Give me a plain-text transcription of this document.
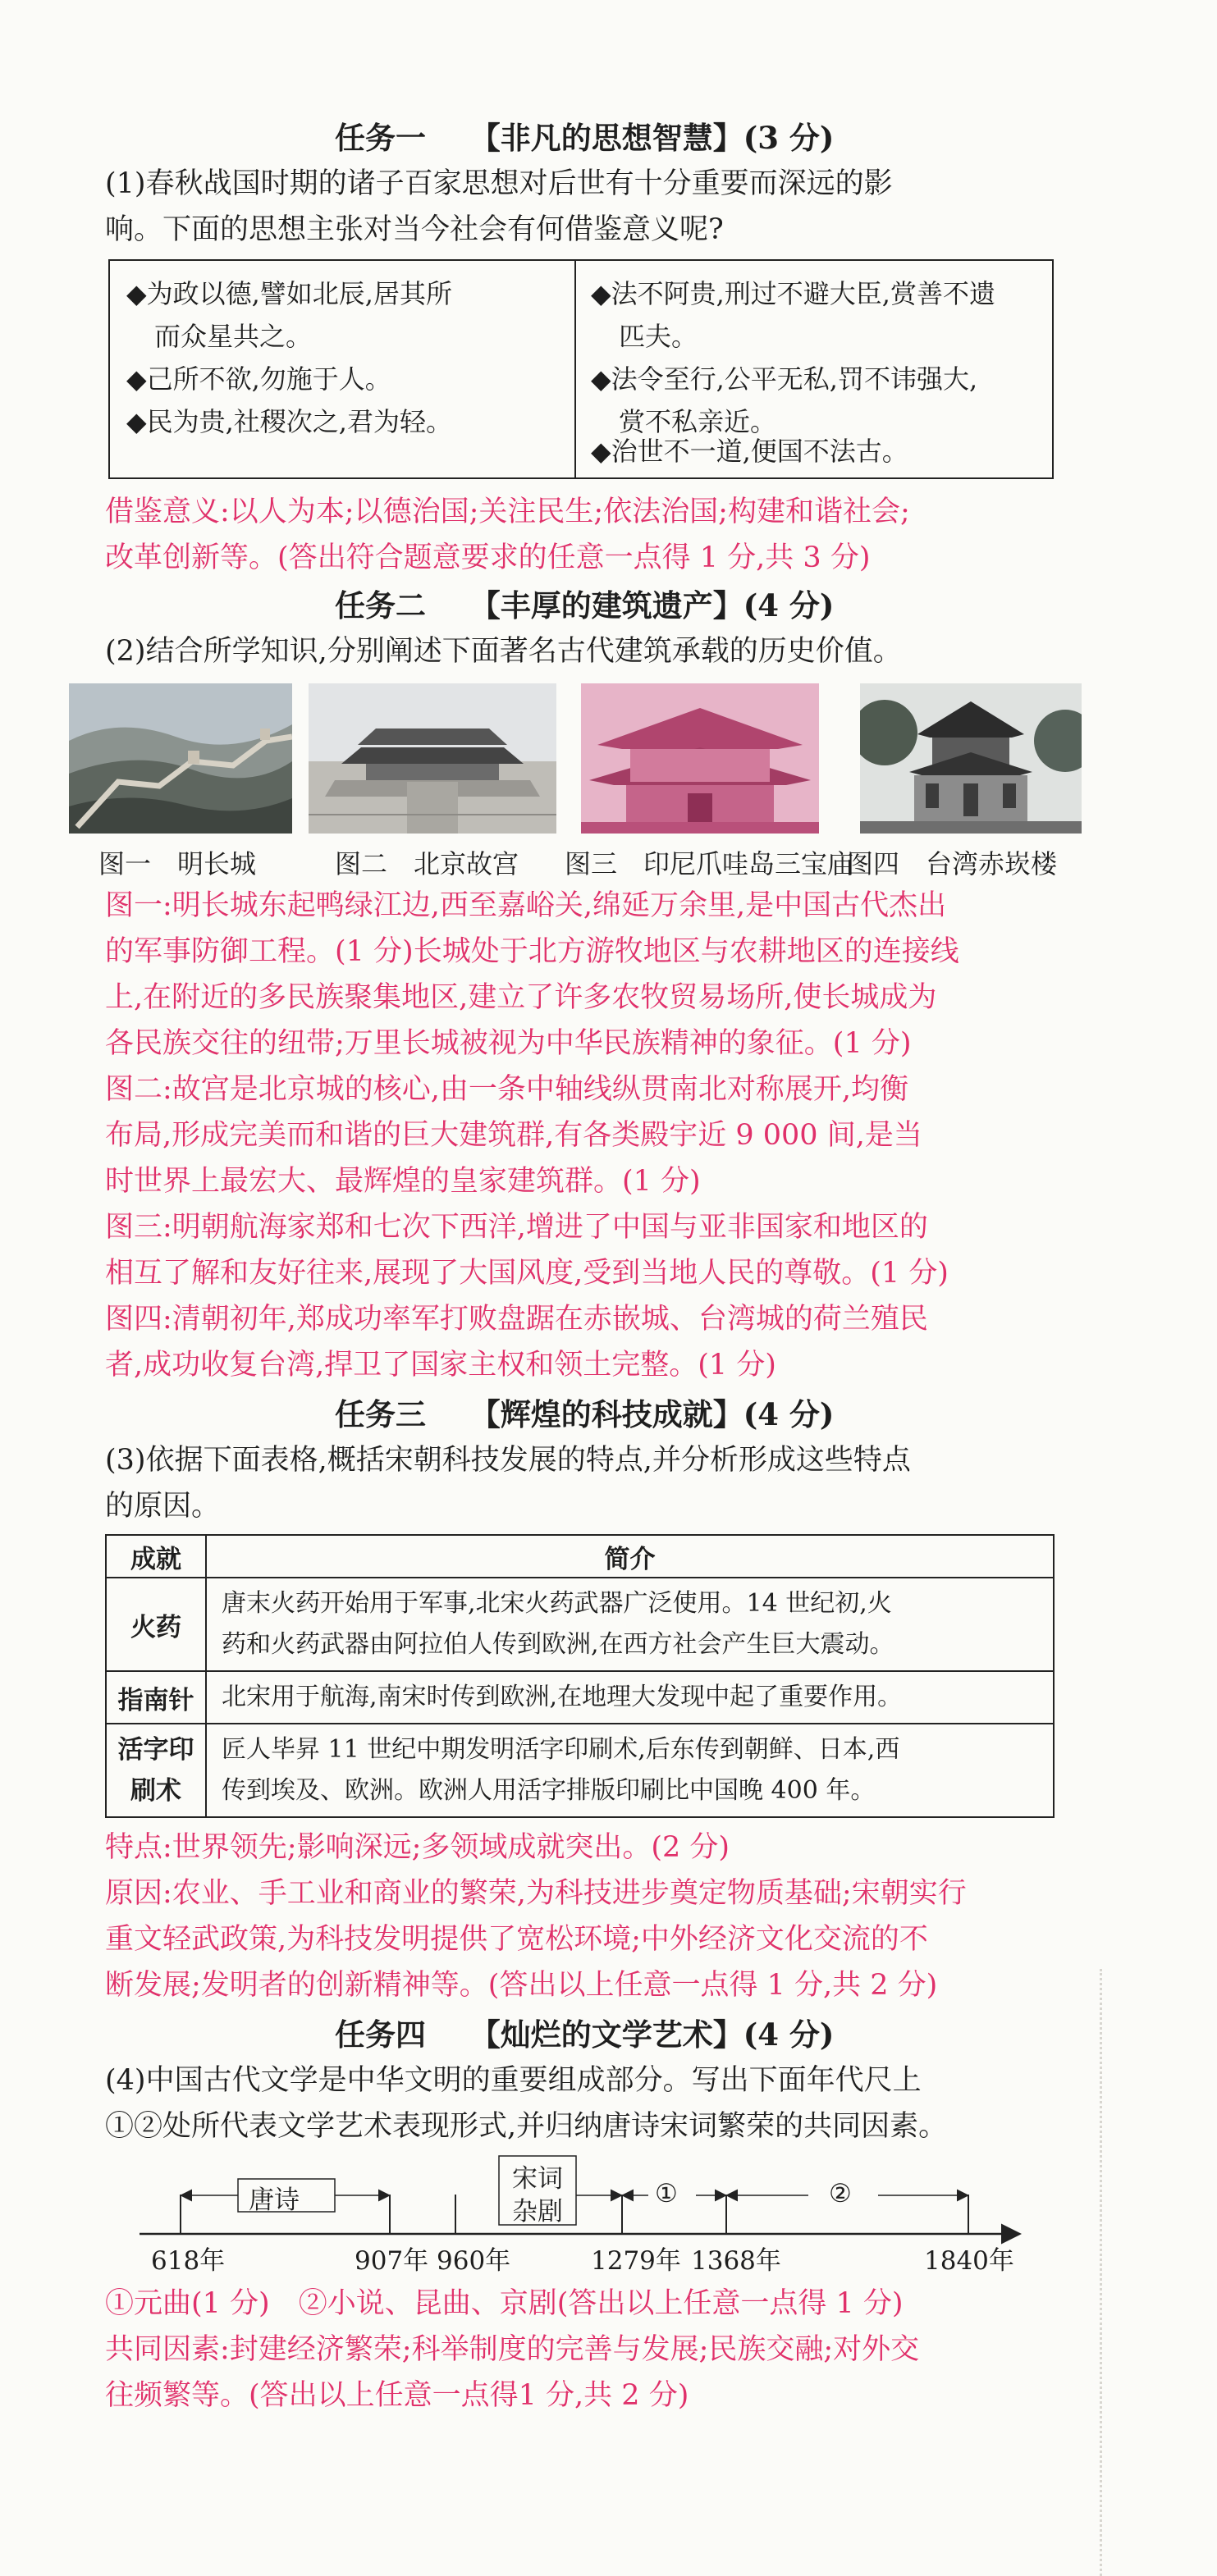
任务一 【非凡的思想智慧】(3 分)
(1)春秋战国时期的诸子百家思想对后世有十分重要而深远的影
响。下面的思想主张对当今社会有何借鉴意义呢?
◆为政以德,譬如北辰,居其所
而众星共之。
◆己所不欲,勿施于人。
◆民为贵,社稷次之,君为轻。
◆法不阿贵,刑过不避大臣,赏善不遗
匹夫。
◆法令至行,公平无私,罚不讳强大,
赏不私亲近。
◆治世不一道,便国不法古。
借鉴意义:以人为本;以德治国;关注民生;依法治国;构建和谐社会;
改革创新等。(答出符合题意要求的任意一点得 1 分,共 3 分)
任务二 【丰厚的建筑遗产】(4 分)
(2)结合所学知识,分别阐述下面著名古代建筑承载的历史价值。
图一　明长城	图二　北京故宫 图三　印尼爪哇岛三宝庙
图四　台湾赤崁楼
图一:明长城东起鸭绿江边,西至嘉峪关,绵延万余里,是中国古代杰出
的军事防御工程。(1 分)长城处于北方游牧地区与农耕地区的连接线
上,在附近的多民族聚集地区,建立了许多农牧贸易场所,使长城成为
各民族交往的纽带;万里长城被视为中华民族精神的象征。(1 分)
图二:故宫是北京城的核心,由一条中轴线纵贯南北对称展开,均衡
布局,形成完美而和谐的巨大建筑群,有各类殿宇近 9 000 间,是当
时世界上最宏大、最辉煌的皇家建筑群。(1 分)
图三:明朝航海家郑和七次下西洋,增进了中国与亚非国家和地区的
相互了解和友好往来,展现了大国风度,受到当地人民的尊敬。(1 分)
图四:清朝初年,郑成功率军打败盘踞在赤嵌城、台湾城的荷兰殖民
者,成功收复台湾,捍卫了国家主权和领土完整。(1 分)
任务三 【辉煌的科技成就】(4 分)
(3)依据下面表格,概括宋朝科技发展的特点,并分析形成这些特点
的原因。
成就	简介
火药	唐末火药开始用于军事,北宋火药武器广泛使用。14 世纪初,火
药和火药武器由阿拉伯人传到欧洲,在西方社会产生巨大震动。
指南针	北宋用于航海,南宋时传到欧洲,在地理大发现中起了重要作用。
活字印刷术	匠人毕昇 11 世纪中期发明活字印刷术,后东传到朝鲜、日本,西
传到埃及、欧洲。欧洲人用活字排版印刷比中国晚 400 年。
特点:世界领先;影响深远;多领域成就突出。(2 分)
原因:农业、手工业和商业的繁荣,为科技进步奠定物质基础;宋朝实行
重文轻武政策,为科技发明提供了宽松环境;中外经济文化交流的不
断发展;发明者的创新精神等。(答出以上任意一点得 1 分,共 2 分)
任务四 【灿烂的文学艺术】(4 分)
(4)中国古代文学是中华文明的重要组成部分。写出下面年代尺上
①②处所代表文学艺术表现形式,并归纳唐诗宋词繁荣的共同因素。
唐诗
宋词
杂剧
①	②
618年	907年 960年	1279年 1368年	1840年
①元曲(1 分)　②小说、昆曲、京剧(答出以上任意一点得 1 分)
共同因素:封建经济繁荣;科举制度的完善与发展;民族交融;对外交
往频繁等。(答出以上任意一点得1 分,共 2 分)
